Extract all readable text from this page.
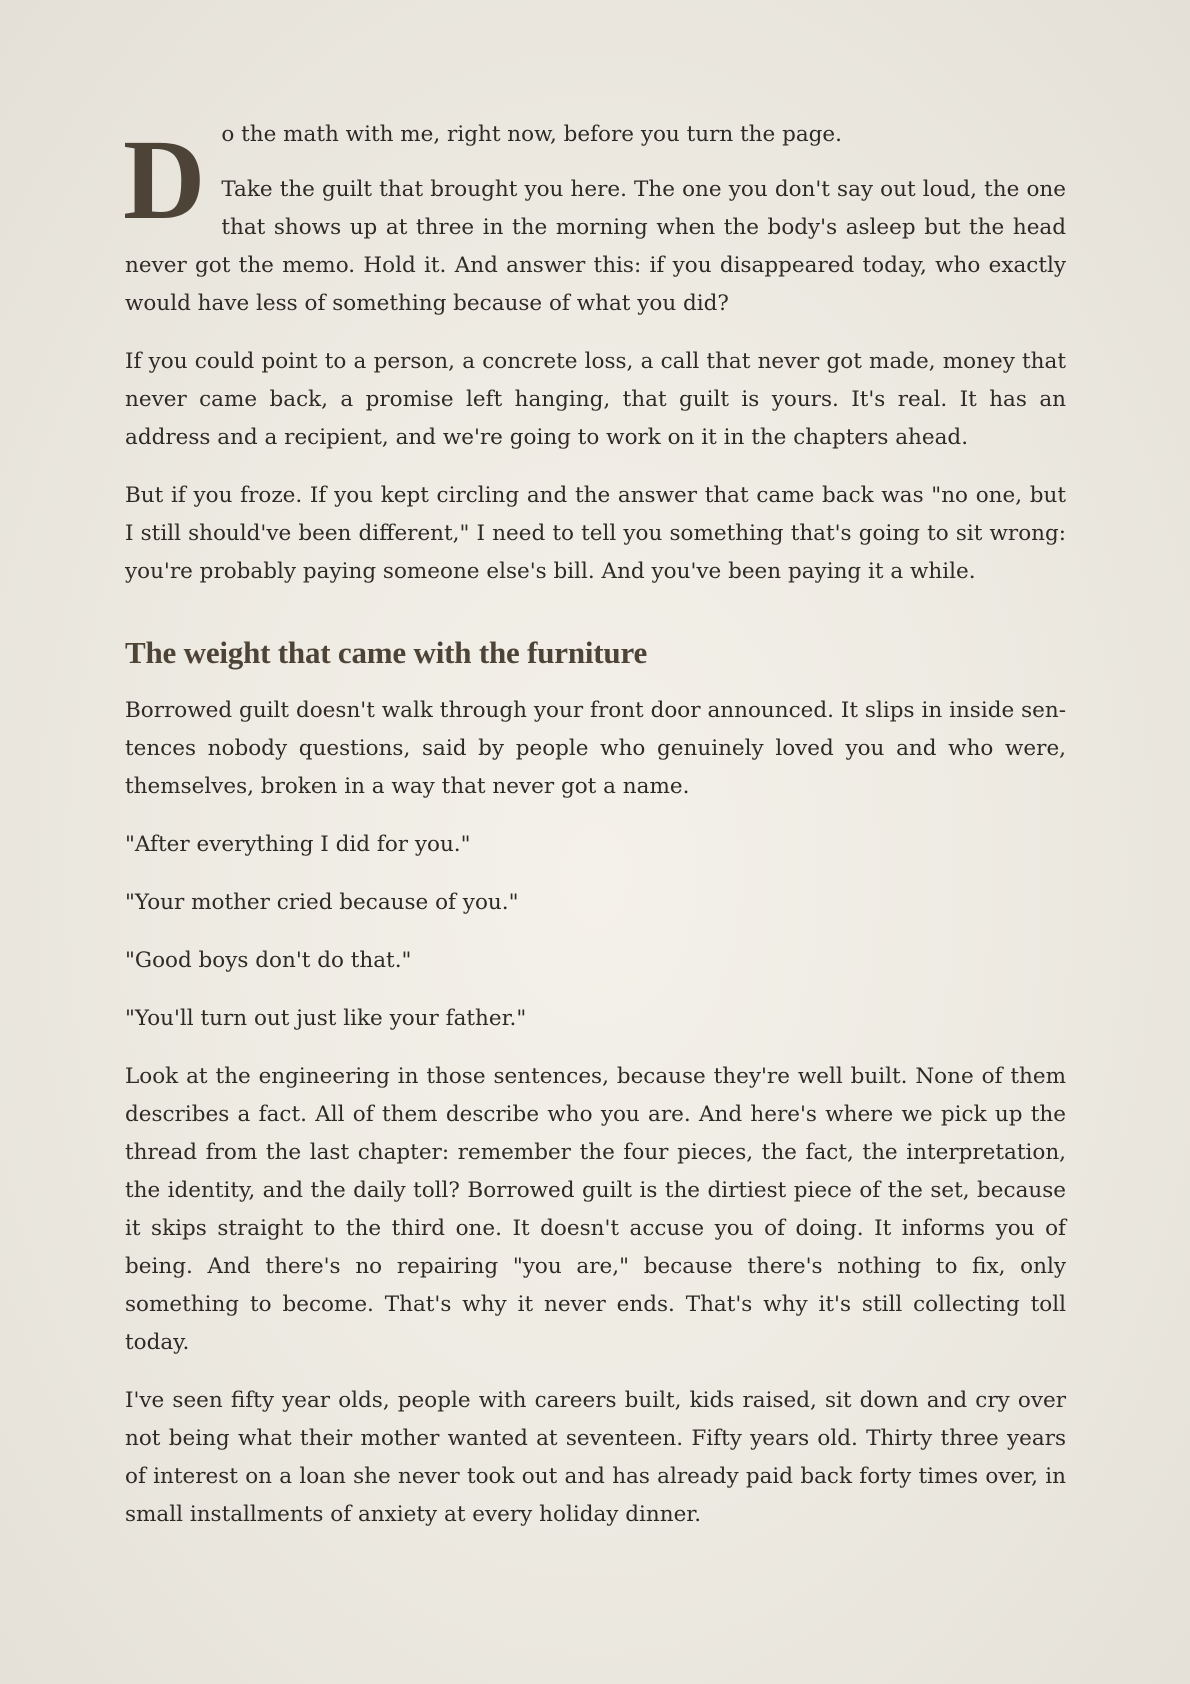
D o the math with me, right now, before you turn the page.

Take the guilt that brought you here. The one you don't say out loud, the one that shows up at three in the morning when the body's asleep but the head never got the memo. Hold it. And answer this: if you disappeared today, who exactly would have less of something because of what you did?

If you could point to a person, a concrete loss, a call that never got made, money that never came back, a promise left hanging, that guilt is yours. It's real. It has an address and a recipient, and we're going to work on it in the chapters ahead.

But if you froze. If you kept circling and the answer that came back was "no one, but I still should've been different," I need to tell you something that's going to sit wrong: you're probably paying someone else's bill. And you've been paying it a while.

The weight that came with the furniture

Borrowed guilt doesn't walk through your front door announced. It slips in inside sentences nobody questions, said by people who genuinely loved you and who were, themselves, broken in a way that never got a name.

"After everything I did for you."

"Your mother cried because of you."

"Good boys don't do that."

"You'll turn out just like your father."

Look at the engineering in those sentences, because they're well built. None of them describes a fact. All of them describe who you are. And here's where we pick up the thread from the last chapter: remember the four pieces, the fact, the interpretation, the identity, and the daily toll? Borrowed guilt is the dirtiest piece of the set, because it skips straight to the third one. It doesn't accuse you of doing. It informs you of being. And there's no repairing "you are," because there's nothing to fix, only something to become. That's why it never ends. That's why it's still collecting toll today.

I've seen fifty year olds, people with careers built, kids raised, sit down and cry over not being what their mother wanted at seventeen. Fifty years old. Thirty three years of interest on a loan she never took out and has already paid back forty times over, in small installments of anxiety at every holiday dinner.
